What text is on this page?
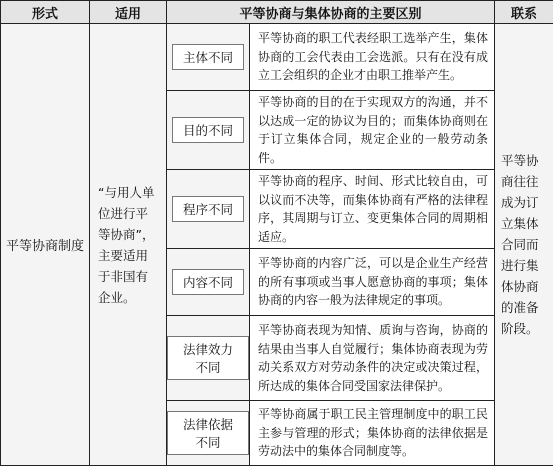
形式	适用	平等协商与集体协商的主要区别		联系
平等协商制度	“与用人单位进行平等协商”，主要适用于非国有企业。	主体不同	平等协商的职工代表经职工选举产生，集体协商的工会代表由工会选派。只有在没有成立工会组织的企业才由职工推举产生。	平等协商往往成为订立集体合同而进行集体协商的准备阶段。
		目的不同	平等协商的目的在于实现双方的沟通，并不以达成一定的协议为目的；而集体协商则在于订立集体合同，规定企业的一般劳动条件。	
		程序不同	平等协商的程序、时间、形式比较自由，可以议而不决等，而集体协商有严格的法律程序，其周期与订立、变更集体合同的周期相适应。	
		内容不同	平等协商的内容广泛，可以是企业生产经营的所有事项或当事人愿意协商的事项；集体协商的内容一般为法律规定的事项。	
		法律效力不同	平等协商表现为知情、质询与咨询，协商的结果由当事人自觉履行；集体协商表现为劳动关系双方对劳动条件的决定或决策过程，所达成的集体合同受国家法律保护。	
		法律依据不同	平等协商属于职工民主管理制度中的职工民主参与管理的形式；集体协商的法律依据是劳动法中的集体合同制度等。	
